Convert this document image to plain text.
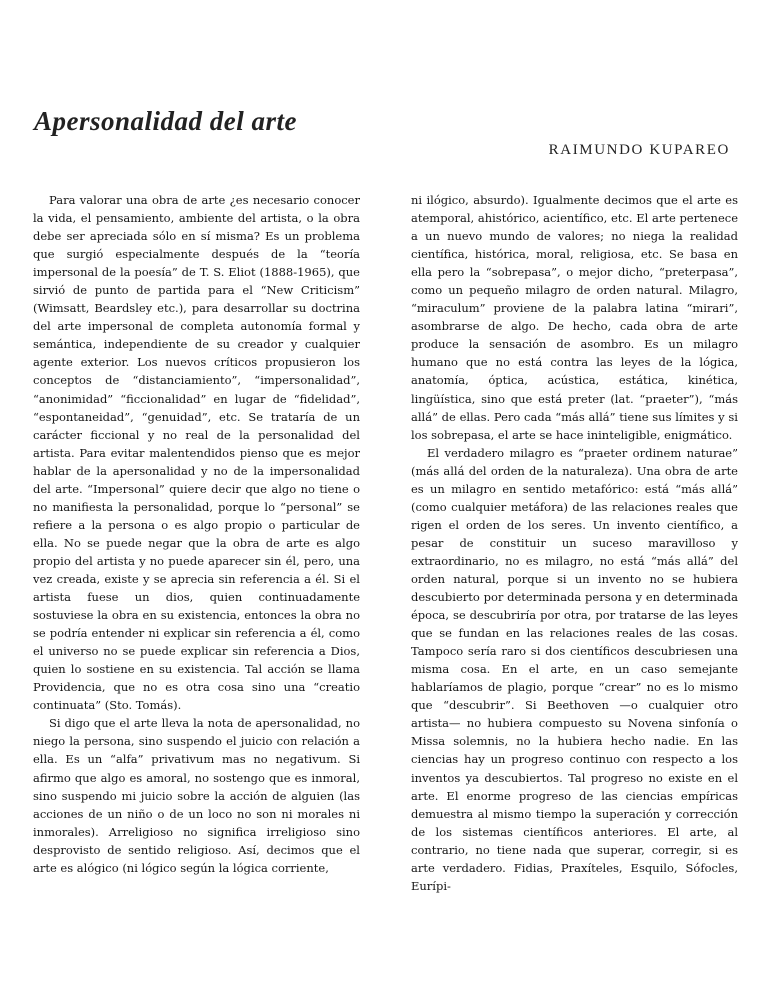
Apersonalidad del arte
RAIMUNDO KUPAREO

Para valorar una obra de arte ¿es necesario conocer la vida, el pensamiento, ambiente del artista, o la obra debe ser apreciada sólo en sí misma? Es un problema que surgió especialmente después de la “teoría impersonal de la poesía” de T. S. Eliot (1888-1965), que sirvió de punto de partida para el “New Criticism” (Wimsatt, Beardsley etc.), para desarrollar su doctrina del arte impersonal de completa autonomía formal y semántica, independiente de su creador y cualquier agente exterior. Los nuevos críticos propusieron los conceptos de “distanciamiento”, “impersonalidad”, “anonimidad” “ficcionalidad” en lugar de “fidelidad”, “espontaneidad”, “genuidad”, etc. Se trataría de un carácter ficcional y no real de la personalidad del artista. Para evitar malentendidos pienso que es mejor hablar de la apersonalidad y no de la impersonalidad del arte. “Impersonal” quiere decir que algo no tiene o no manifiesta la personalidad, porque lo “personal” se refiere a la persona o es algo propio o particular de ella. No se puede negar que la obra de arte es algo propio del artista y no puede aparecer sin él, pero, una vez creada, existe y se aprecia sin referencia a él. Si el artista fuese un dios, quien continuadamente sostuviese la obra en su existencia, entonces la obra no se podría entender ni explicar sin referencia a él, como el universo no se puede explicar sin referencia a Dios, quien lo sostiene en su existencia. Tal acción se llama Providencia, que no es otra cosa sino una “creatio continuata” (Sto. Tomás).

Si digo que el arte lleva la nota de apersonalidad, no niego la persona, sino suspendo el juicio con relación a ella. Es un “alfa” privativum mas no negativum. Si afirmo que algo es amoral, no sostengo que es inmoral, sino suspendo mi juicio sobre la acción de alguien (las acciones de un niño o de un loco no son ni morales ni inmorales). Arreligioso no significa irreligioso sino desprovisto de sentido religioso. Así, decimos que el arte es alógico (ni lógico según la lógica corriente,

ni ilógico, absurdo). Igualmente decimos que el arte es atemporal, ahistórico, acientífico, etc. El arte pertenece a un nuevo mundo de valores; no niega la realidad científica, histórica, moral, religiosa, etc. Se basa en ella pero la “sobrepasa”, o mejor dicho, “preterpasa”, como un pequeño milagro de orden natural. Milagro, “miraculum” proviene de la palabra latina “mirari”, asombrarse de algo. De hecho, cada obra de arte produce la sensación de asombro. Es un milagro humano que no está contra las leyes de la lógica, anatomía, óptica, acústica, estática, kinética, lingüística, sino que está preter (lat. “praeter”), “más allá” de ellas. Pero cada “más allá” tiene sus límites y si los sobrepasa, el arte se hace ininteligible, enigmático.

El verdadero milagro es “praeter ordinem naturae” (más allá del orden de la naturaleza). Una obra de arte es un milagro en sentido metafórico: está “más allá” (como cualquier metáfora) de las relaciones reales que rigen el orden de los seres. Un invento científico, a pesar de constituir un suceso maravilloso y extraordinario, no es milagro, no está “más allá” del orden natural, porque si un invento no se hubiera descubierto por determinada persona y en determinada época, se descubriría por otra, por tratarse de las leyes que se fundan en las relaciones reales de las cosas. Tampoco sería raro si dos científicos descubriesen una misma cosa. En el arte, en un caso semejante hablaríamos de plagio, porque “crear” no es lo mismo que “descubrir”. Si Beethoven —o cualquier otro artista— no hubiera compuesto su Novena sinfonía o Missa solemnis, no la hubiera hecho nadie. En las ciencias hay un progreso continuo con respecto a los inventos ya descubiertos. Tal progreso no existe en el arte. El enorme progreso de las ciencias empíricas demuestra al mismo tiempo la superación y corrección de los sistemas científicos anteriores. El arte, al contrario, no tiene nada que superar, corregir, si es arte verdadero. Fidias, Praxíteles, Esquilo, Sófocles, Eurípi-
